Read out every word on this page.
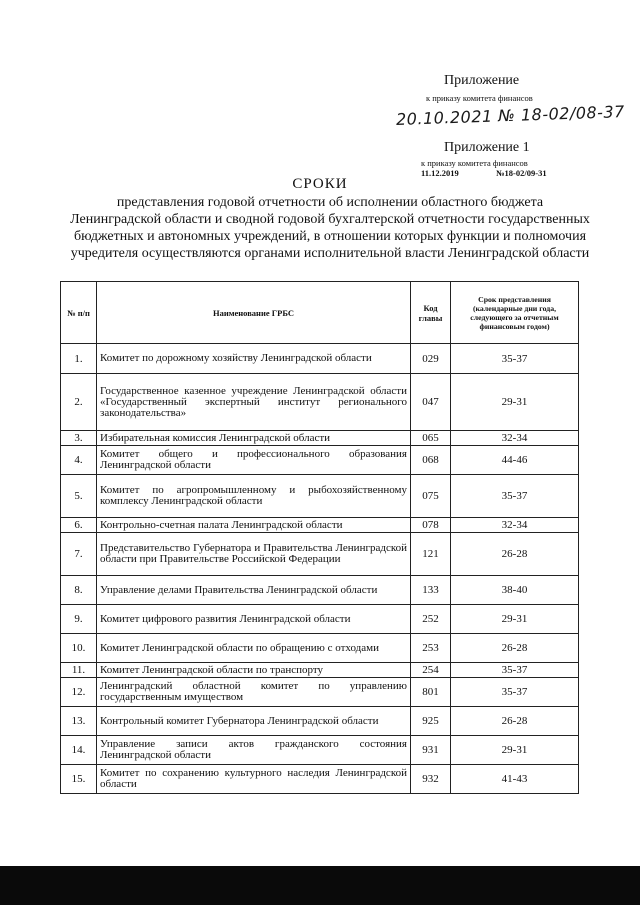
Приложение
к приказу комитета финансов
20.10.2021 № 18-02/08-37
Приложение 1
к приказу комитета финансов
11.12.2019	№18-02/09-31
СРОКИ
представления годовой отчетности об исполнении областного бюджета Ленинградской области и сводной годовой бухгалтерской отчетности государственных бюджетных и автономных учреждений, в отношении которых функции и полномочия учредителя осуществляются органами исполнительной власти Ленинградской области
№ п/п	Наименование ГРБС	Код главы	Срок представления (календарные дни года, следующего за отчетным финансовым годом)
1.	Комитет по дорожному хозяйству Ленинградской области	029	35-37
2.	Государственное казенное учреждение Ленинградской области «Государственный экспертный институт регионального законодательства»	047	29-31
3.	Избирательная комиссия Ленинградской области	065	32-34
4.	Комитет общего и профессионального образования Ленинградской области	068	44-46
5.	Комитет по агропромышленному и рыбохозяйственному комплексу Ленинградской области	075	35-37
6.	Контрольно-счетная палата Ленинградской области	078	32-34
7.	Представительство Губернатора и Правительства Ленинградской области при Правительстве Российской Федерации	121	26-28
8.	Управление делами Правительства Ленинградской области	133	38-40
9.	Комитет цифрового развития Ленинградской области	252	29-31
10.	Комитет Ленинградской области по обращению с отходами	253	26-28
11.	Комитет Ленинградской области по транспорту	254	35-37
12.	Ленинградский областной комитет по управлению государственным имуществом	801	35-37
13.	Контрольный комитет Губернатора Ленинградской области	925	26-28
14.	Управление записи актов гражданского состояния Ленинградской области	931	29-31
15.	Комитет по сохранению культурного наследия Ленинградской области	932	41-43
